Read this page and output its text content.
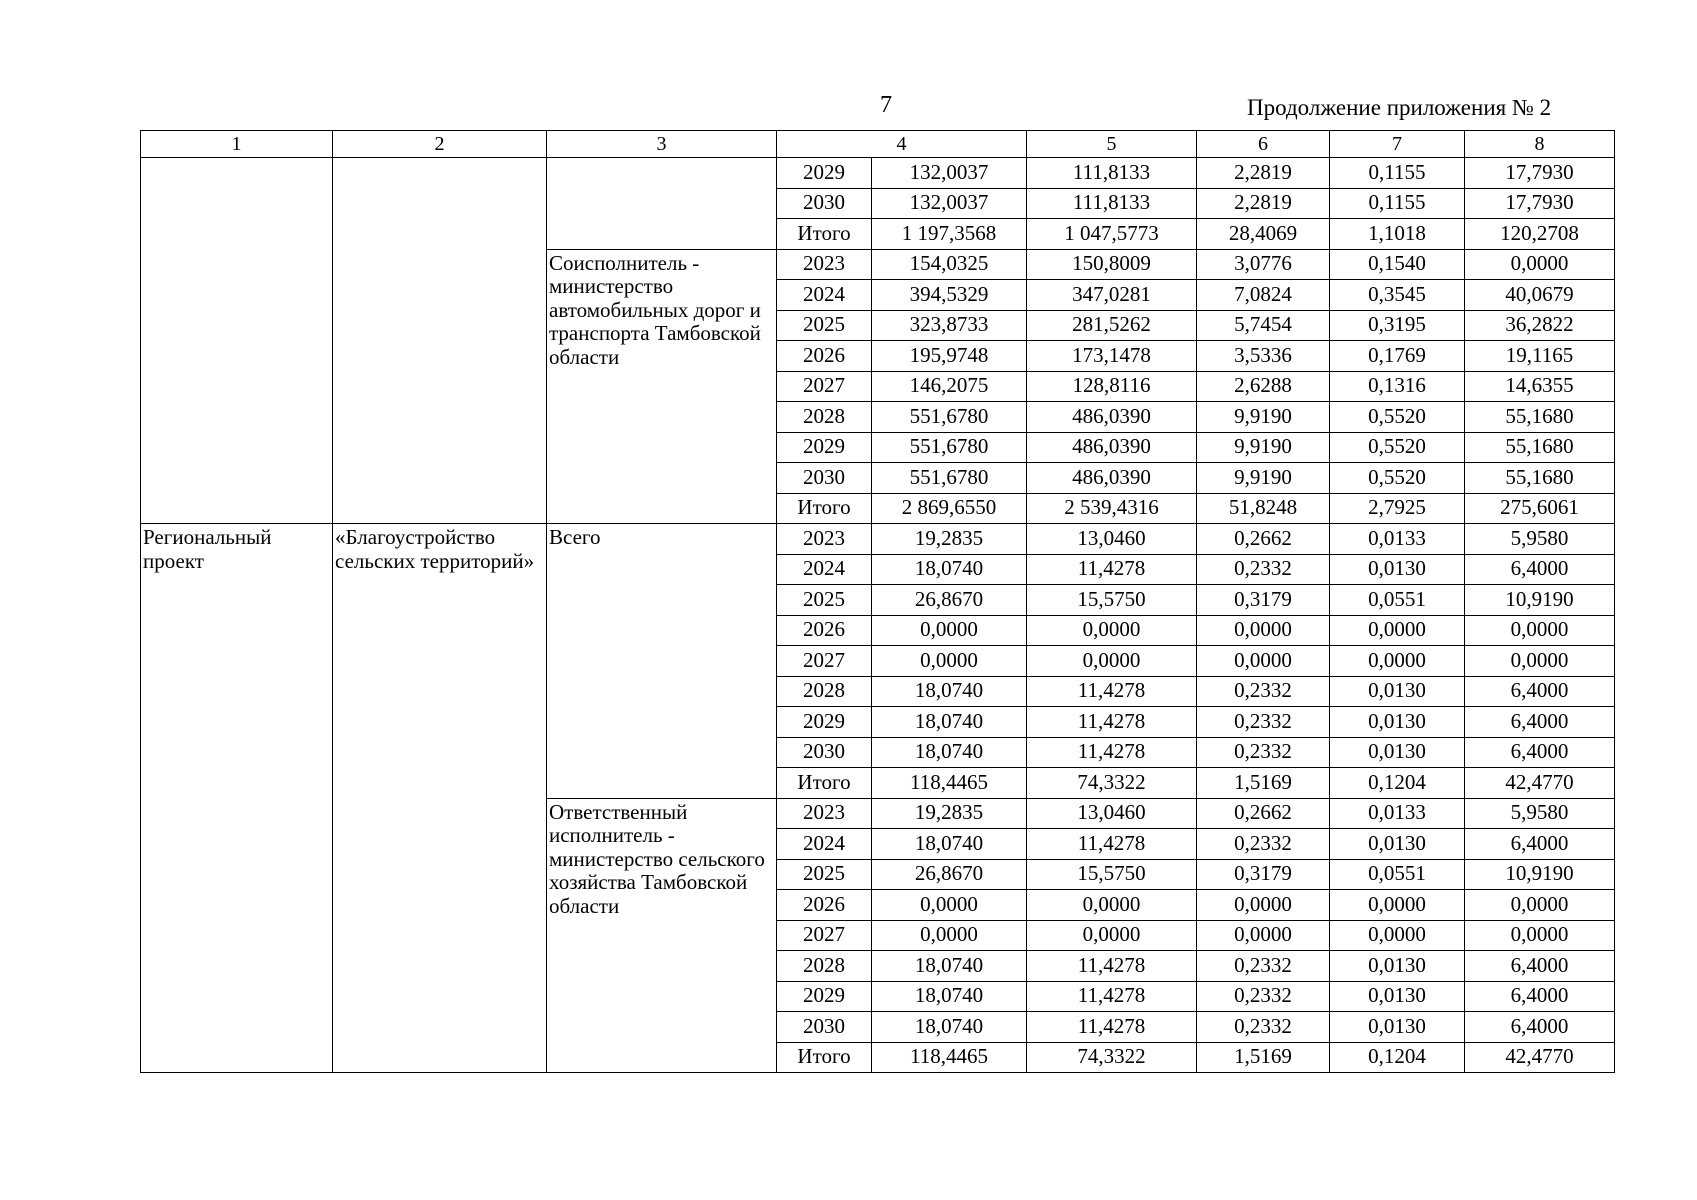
7	Продолжение приложения № 2
1	2	3	4		5	6	7	8
			2029	132,0037	111,8133	2,2819	0,1155	17,7930
			2030	132,0037	111,8133	2,2819	0,1155	17,7930
			Итого	1 197,3568	1 047,5773	28,4069	1,1018	120,2708
		Соисполнитель - министерство автомобильных дорог и транспорта Тамбовской области	2023	154,0325	150,8009	3,0776	0,1540	0,0000
			2024	394,5329	347,0281	7,0824	0,3545	40,0679
			2025	323,8733	281,5262	5,7454	0,3195	36,2822
			2026	195,9748	173,1478	3,5336	0,1769	19,1165
			2027	146,2075	128,8116	2,6288	0,1316	14,6355
			2028	551,6780	486,0390	9,9190	0,5520	55,1680
			2029	551,6780	486,0390	9,9190	0,5520	55,1680
			2030	551,6780	486,0390	9,9190	0,5520	55,1680
			Итого	2 869,6550	2 539,4316	51,8248	2,7925	275,6061
Региональный проект	«Благоустройство сельских территорий»	Всего	2023	19,2835	13,0460	0,2662	0,0133	5,9580
			2024	18,0740	11,4278	0,2332	0,0130	6,4000
			2025	26,8670	15,5750	0,3179	0,0551	10,9190
			2026	0,0000	0,0000	0,0000	0,0000	0,0000
			2027	0,0000	0,0000	0,0000	0,0000	0,0000
			2028	18,0740	11,4278	0,2332	0,0130	6,4000
			2029	18,0740	11,4278	0,2332	0,0130	6,4000
			2030	18,0740	11,4278	0,2332	0,0130	6,4000
			Итого	118,4465	74,3322	1,5169	0,1204	42,4770
		Ответственный исполнитель - министерство сельского хозяйства Тамбовской области	2023	19,2835	13,0460	0,2662	0,0133	5,9580
			2024	18,0740	11,4278	0,2332	0,0130	6,4000
			2025	26,8670	15,5750	0,3179	0,0551	10,9190
			2026	0,0000	0,0000	0,0000	0,0000	0,0000
			2027	0,0000	0,0000	0,0000	0,0000	0,0000
			2028	18,0740	11,4278	0,2332	0,0130	6,4000
			2029	18,0740	11,4278	0,2332	0,0130	6,4000
			2030	18,0740	11,4278	0,2332	0,0130	6,4000
			Итого	118,4465	74,3322	1,5169	0,1204	42,4770
